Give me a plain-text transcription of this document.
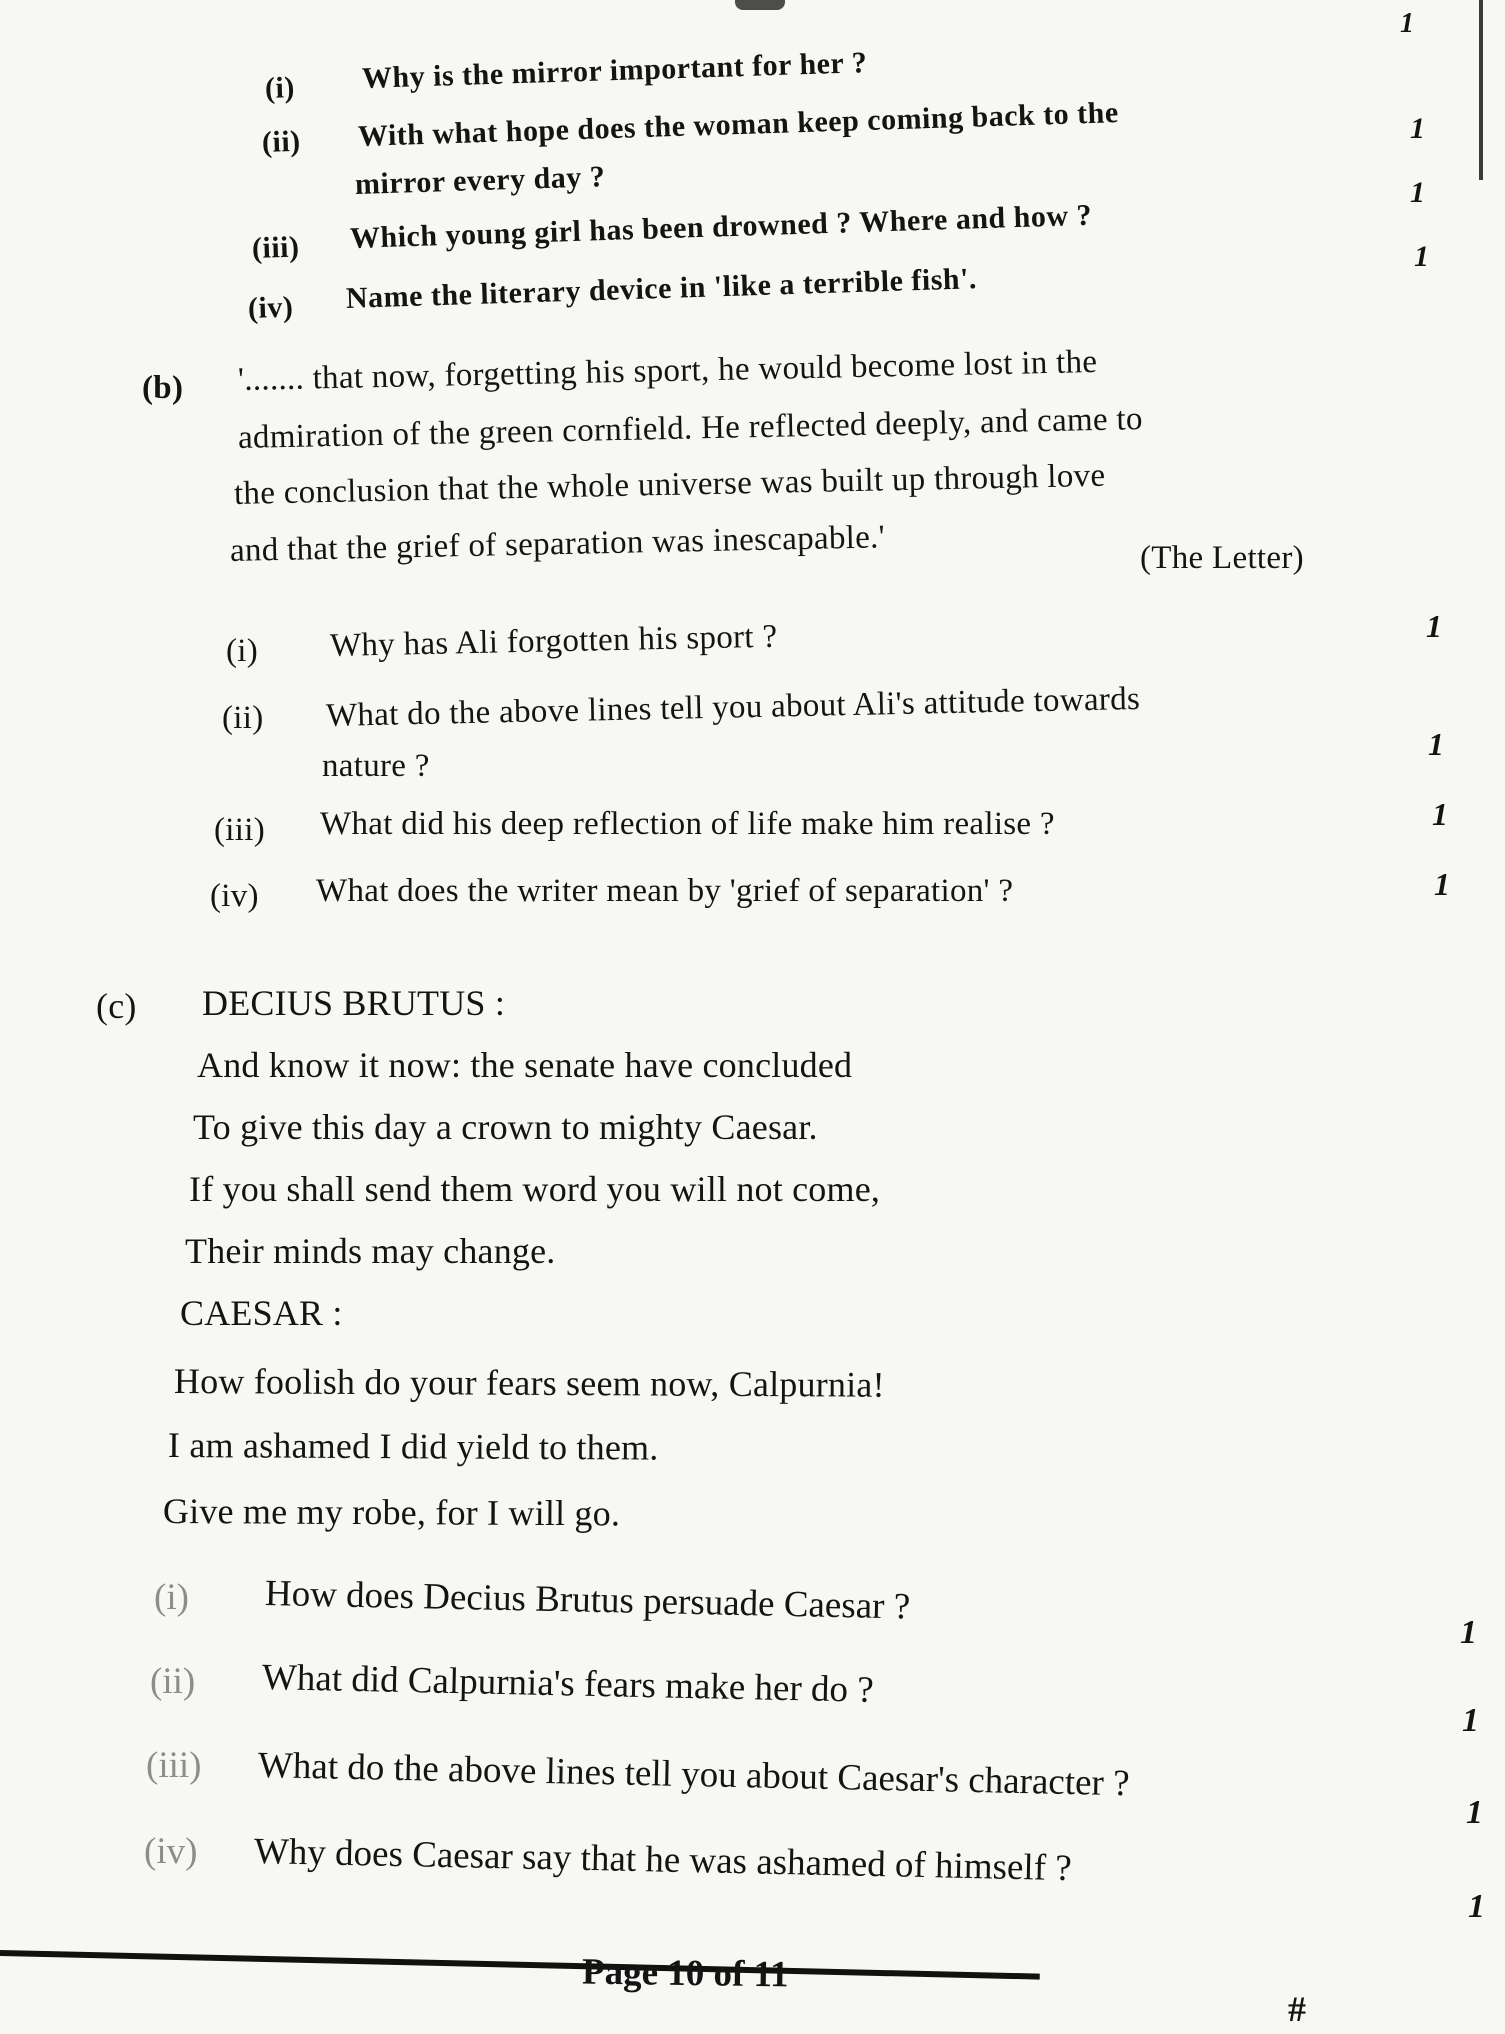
1
(i) Why is the mirror important for her ?
(ii) With what hope does the woman keep coming back to the
mirror every day ?
1
(iii) Which young girl has been drowned ? Where and how ?
1
(iv) Name the literary device in 'like a terrible fish'.
1
(b) '....... that now, forgetting his sport, he would become lost in the
admiration of the green cornfield. He reflected deeply, and came to
the conclusion that the whole universe was built up through love
and that the grief of separation was inescapable.'	(The Letter)
(i) Why has Ali forgotten his sport ?	1
(ii) What do the above lines tell you about Ali's attitude towards
nature ?
1
(iii) What did his deep reflection of life make him realise ?	1
(iv) What does the writer mean by 'grief of separation' ?	1
(c) DECIUS BRUTUS :
And know it now: the senate have concluded
To give this day a crown to mighty Caesar.
If you shall send them word you will not come,
Their minds may change.
CAESAR :
How foolish do your fears seem now, Calpurnia!
I am ashamed I did yield to them.
Give me my robe, for I will go.
(i) How does Decius Brutus persuade Caesar ?
1
(ii) What did Calpurnia's fears make her do ?
1
(iii) What do the above lines tell you about Caesar's character ?
1
(iv) Why does Caesar say that he was ashamed of himself ?
1
Page 10 of 11
#
